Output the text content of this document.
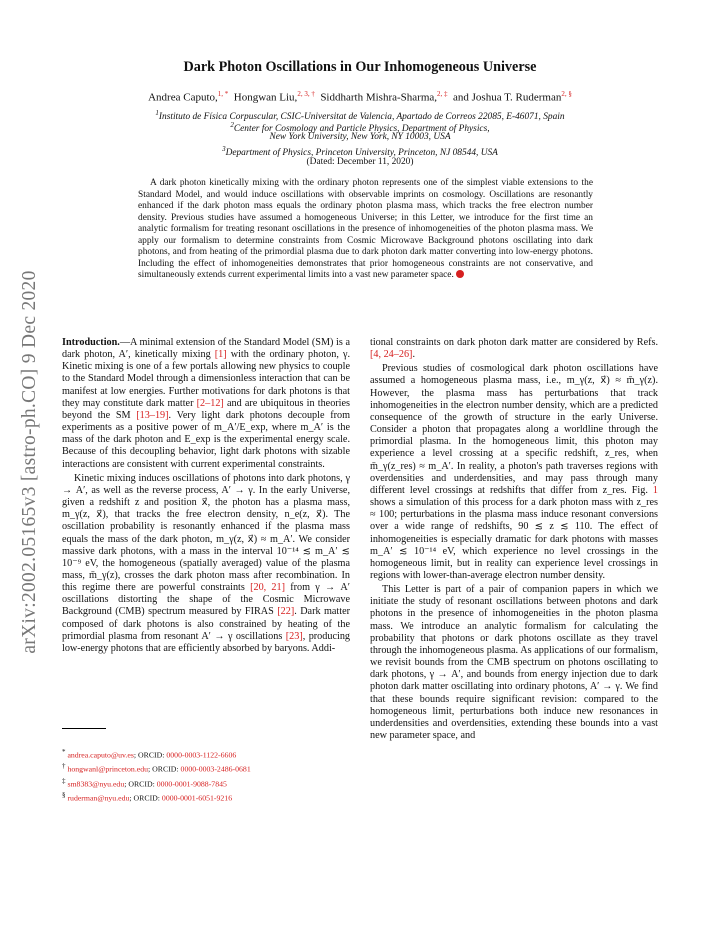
arXiv:2002.05165v3 [astro-ph.CO] 9 Dec 2020
Dark Photon Oscillations in Our Inhomogeneous Universe
Andrea Caputo,$^{1, *}$ Hongwan Liu,$^{2, 3, \dagger}$ Siddharth Mishra-Sharma,$^{2, \ddagger}$ and Joshua T. Ruderman$^{2, \S}$
$^1$Instituto de Física Corpuscular, CSIC-Universitat de Valencia, Apartado de Correos 22085, E-46071, Spain
$^2$Center for Cosmology and Particle Physics, Department of Physics,
New York University, New York, NY 10003, USA
$^3$Department of Physics, Princeton University, Princeton, NJ 08544, USA
(Dated: December 11, 2020)
A dark photon kinetically mixing with the ordinary photon represents one of the simplest viable extensions to the Standard Model, and would induce oscillations with observable imprints on cosmology. Oscillations are resonantly enhanced if the dark photon mass equals the ordinary photon plasma mass, which tracks the free electron number density. Previous studies have assumed a homogeneous Universe; in this Letter, we introduce for the first time an analytic formalism for treating resonant oscillations in the presence of inhomogeneities of the photon plasma mass. We apply our formalism to determine constraints from Cosmic Microwave Background photons oscillating into dark photons, and from heating of the primordial plasma due to dark photon dark matter converting into low-energy photons. Including the effect of inhomogeneities demonstrates that prior homogeneous constraints are not conservative, and simultaneously extends current experimental limits into a vast new parameter space.

Introduction.—A minimal extension of the Standard Model (SM) is a dark photon, A′, kinetically mixing [1] with the ordinary photon, γ. Kinetic mixing is one of a few portals allowing new physics to couple to the Standard Model through a dimensionless interaction that can be manifest at low energies. Further motivations for dark photons is that they may constitute dark matter [2–12] and are ubiquitous in theories beyond the SM [13–19]. Very light dark photons decouple from experiments as a positive power of m_A′/E_exp, where m_A′ is the mass of the dark photon and E_exp is the experimental energy scale. Because of this decoupling behavior, light dark photons with sizable interactions are consistent with current experimental constraints.

Kinetic mixing induces oscillations of photons into dark photons, γ → A′, as well as the reverse process, A′ → γ. In the early Universe, given a redshift z and position x⃗, the photon has a plasma mass, m_γ(z, x⃗), that tracks the free electron density, n_e(z, x⃗). The oscillation probability is resonantly enhanced if the plasma mass equals the mass of the dark photon, m_γ(z, x⃗) ≈ m_A′. We consider massive dark photons, with a mass in the interval 10⁻¹⁴ ≲ m_A′ ≲ 10⁻⁹ eV, the homogeneous (spatially averaged) value of the plasma mass, m̄_γ(z), crosses the dark photon mass after recombination. In this regime there are powerful constraints [20, 21] from γ → A′ oscillations distorting the shape of the Cosmic Microwave Background (CMB) spectrum measured by FIRAS [22]. Dark matter composed of dark photons is also constrained by heating of the primordial plasma from resonant A′ → γ oscillations [23], producing low-energy photons that are efficiently absorbed by baryons. Addi-

tional constraints on dark photon dark matter are considered by Refs. [4, 24–26].

Previous studies of cosmological dark photon oscillations have assumed a homogeneous plasma mass, i.e., m_γ(z, x⃗) ≈ m̄_γ(z). However, the plasma mass has perturbations that track inhomogeneities in the electron number density, which are a predicted consequence of the growth of structure in the early Universe. Consider a photon that propagates along a worldline through the primordial plasma. In the homogeneous limit, this photon may experience a level crossing at a specific redshift, z_res, when m̄_γ(z_res) ≈ m_A′. In reality, a photon's path traverses regions with overdensities and underdensities, and may pass through many different level crossings at redshifts that differ from z_res. Fig. 1 shows a simulation of this process for a dark photon mass with z_res ≈ 100; perturbations in the plasma mass induce resonant conversions over a wide range of redshifts, 90 ≲ z ≲ 110. The effect of inhomogeneities is especially dramatic for dark photons with masses m_A′ ≲ 10⁻¹⁴ eV, which experience no level crossings in the homogeneous limit, but in reality can experience level crossings in regions with lower-than-average electron number density.

This Letter is part of a pair of companion papers in which we initiate the study of resonant oscillations between photons and dark photons in the presence of inhomogeneities in the photon plasma mass. We introduce an analytic formalism for calculating the probability that photons or dark photons oscillate as they travel through the inhomogeneous plasma. As applications of our formalism, we revisit bounds from the CMB spectrum on photons oscillating to dark photons, γ → A′, and bounds from energy injection due to dark photon dark matter oscillating into ordinary photons, A′ → γ. We find that these bounds require significant revision: compared to the homogeneous limit, perturbations both induce new resonances in underdensities and overdensities, extending these bounds into a vast new parameter space, and

* andrea.caputo@uv.es; ORCID: 0000-0003-1122-6606
† hongwanl@princeton.edu; ORCID: 0000-0003-2486-0681
‡ sm8383@nyu.edu; ORCID: 0000-0001-9088-7845
§ ruderman@nyu.edu; ORCID: 0000-0001-6051-9216
